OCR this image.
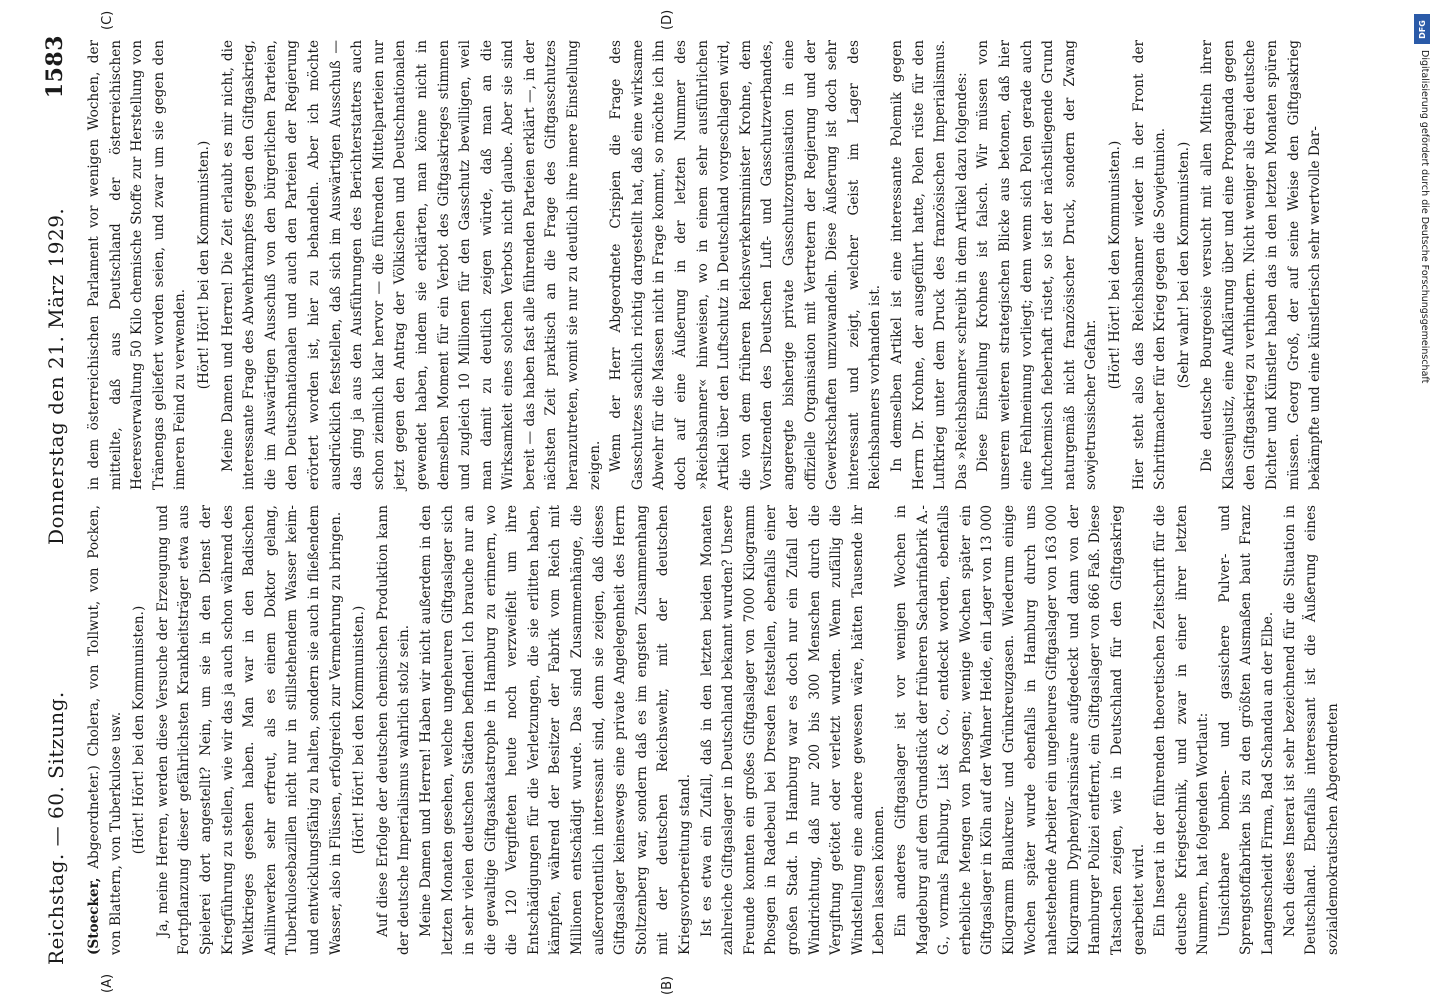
Reichstag. — 60. Sitzung.
Donnerstag den 21. März 1929.
1583
(A)	(B)
(C)	(D)

(Stoecker, Abgeordneter.) Cholera, von Tollwut, von Pocken, von Blattern, von Tuberkulose usw. (Hört! Hört! bei den Kommunisten.) Ja, meine Herren, werden diese Versuche der Erzeugung und Fortpflanzung dieser gefährlichsten Krankheitsträger etwa aus Spielerei dort angestellt? Nein, um sie in den Dienst der Kriegführung zu stellen, wie wir das ja auch schon während des Weltkrieges gesehen haben. Man war in den Badischen Anilinwerken sehr erfreut, als es einem Doktor gelang, Tuberkulosebazillen nicht nur in stillstehendem Wasser keim- und entwicklungsfähig zu halten, sondern sie auch in fließendem Wasser, also in Flüssen, erfolgreich zur Vermehrung zu bringen. (Hört! Hört! bei den Kommunisten.) Auf diese Erfolge der deutschen chemischen Produktion kann der deutsche Imperialismus wahrlich stolz sein. Meine Damen und Herren! Haben wir nicht außerdem in den letzten Monaten gesehen, welche ungeheuren Giftgaslager sich in sehr vielen deutschen Städten befinden! Ich brauche nur an die gewaltige Giftgaskatastrophe in Hamburg zu erinnern, wo die 120 Vergifteten heute noch verzweifelt um ihre Entschädigungen für die Verletzungen, die sie erlitten haben, kämpfen, während der Besitzer der Fabrik vom Reich mit Millionen entschädigt wurde. Das sind Zusammenhänge, die außerordentlich interessant sind, denn sie zeigen, daß dieses Giftgaslager keineswegs eine private Angelegenheit des Herrn Stoltzenberg war, sondern daß es im engsten Zusammenhang mit der deutschen Reichswehr, mit der deutschen Kriegsvorbereitung stand. Ist es etwa ein Zufall, daß in den letzten beiden Monaten zahlreiche Giftgaslager in Deutschland bekannt wurden? Unsere Freunde konnten ein großes Giftgaslager von 7000 Kilogramm Phosgen in Radebeul bei Dresden feststellen, ebenfalls einer großen Stadt. In Hamburg war es doch nur ein Zufall der Windrichtung, daß nur 200 bis 300 Menschen durch die Vergiftung getötet oder verletzt wurden. Wenn zufällig die Windstellung eine andere gewesen wäre, hätten Tausende ihr Leben lassen können. Ein anderes Giftgaslager ist vor wenigen Wochen in Magdeburg auf dem Grundstück der früheren Sacharinfabrik A.-G., vormals Fahlburg, List & Co., entdeckt worden, ebenfalls erhebliche Mengen von Phosgen; wenige Wochen später ein Giftgaslager in Köln auf der Wahner Heide, ein Lager von 13 000 Kilogramm Blaukreuz- und Grünkreuzgasen. Wiederum einige Wochen später wurde ebenfalls in Hamburg durch uns nahestehende Arbeiter ein ungeheures Giftgaslager von 163 000 Kilogramm Dyphenylarsinsäure aufgedeckt und dann von der Hamburger Polizei entfernt, ein Giftgaslager von 866 Faß. Diese Tatsachen zeigen, wie in Deutschland für den Giftgaskrieg gearbeitet wird. Ein Inserat in der führenden theoretischen Zeitschrift für die deutsche Kriegstechnik, und zwar in einer ihrer letzten Nummern, hat folgenden Wortlaut: Unsichtbare bomben- und gassichere Pulver- und Sprengstoffabriken bis zu den größten Ausmaßen baut Franz Langenscheidt Firma, Bad Schandau an der Elbe. Nach dieses Inserat ist sehr bezeichnend für die Situation in Deutschland. Ebenfalls interessant ist die Äußerung eines sozialdemokratischen Abgeordneten

in dem österreichischen Parlament vor wenigen Wochen, der mitteilte, daß aus Deutschland der österreichischen Heeresverwaltung 50 Kilo chemische Stoffe zur Herstellung von Tränengas geliefert worden seien, und zwar um sie gegen den inneren Feind zu verwenden.

(Hört! Hört! bei den Kommunisten.) Meine Damen und Herren! Die Zeit erlaubt es mir nicht, die interessante Frage des Abwehrkampfes gegen den Giftgaskrieg, die im Auswärtigen Ausschuß von den bürgerlichen Parteien, den Deutschnationalen und auch den Parteien der Regierung erörtert worden ist, hier zu behandeln. Aber ich möchte ausdrücklich feststellen, daß sich im Auswärtigen Ausschuß — das ging ja aus den Ausführungen des Berichterstatters auch schon ziemlich klar hervor — die führenden Mittelparteien nur jetzt gegen den Antrag der Völkischen und Deutschnationalen gewendet haben, indem sie erklärten, man könne nicht in demselben Moment für ein Verbot des Giftgaskrieges stimmen und zugleich 10 Millionen für den Gasschutz bewilligen, weil man damit zu deutlich zeigen würde, daß man an die Wirksamkeit eines solchen Verbots nicht glaube. Aber sie sind bereit — das haben fast alle führenden Parteien erklärt —, in der nächsten Zeit praktisch an die Frage des Giftgasschutzes heranzutreten, womit sie nur zu deutlich ihre innere Einstellung zeigen. Wenn der Herr Abgeordnete Crispien die Frage des Gasschutzes sachlich richtig dargestellt hat, daß eine wirksame Abwehr für die Massen nicht in Frage kommt, so möchte ich ihn doch auf eine Äußerung in der letzten Nummer des »Reichsbanner« hinweisen, wo in einem sehr ausführlichen Artikel über den Luftschutz in Deutschland vorgeschlagen wird, die von dem früheren Reichsverkehrsminister Krohne, dem Vorsitzenden des Deutschen Luft- und Gasschutzverbandes, angeregte bisherige private Gasschutzorganisation in eine offizielle Organisation mit Vertretern der Regierung und der Gewerkschaften umzuwandeln. Diese Äußerung ist doch sehr interessant und zeigt, welcher Geist im Lager des Reichsbanners vorhanden ist. In demselben Artikel ist eine interessante Polemik gegen Herrn Dr. Krohne, der ausgeführt hatte, Polen rüste für den Luftkrieg unter dem Druck des französischen Imperialismus. Das »Reichsbanner« schreibt in dem Artikel dazu folgendes: Diese Einstellung Krohnes ist falsch. Wir müssen von unserem weiteren strategischen Blicke aus betonen, daß hier eine Fehlmeinung vorliegt; denn wenn sich Polen gerade auch luftchemisch fieberhaft rüstet, so ist der nächstliegende Grund naturgemäß nicht französischer Druck, sondern der Zwang sowjetrussischer Gefahr.

(Hört! Hört! bei den Kommunisten.) Hier steht also das Reichsbanner wieder in der Front der Schrittmacher für den Krieg gegen die Sowjetunion. (Sehr wahr! bei den Kommunisten.) Die deutsche Bourgeoisie versucht mit allen Mitteln ihrer Klassenjustiz, eine Aufklärung über und eine Propaganda gegen den Giftgaskrieg zu verhindern. Nicht weniger als drei deutsche Dichter und Künstler haben das in den letzten Monaten spüren müssen. Georg Groß, der auf seine Weise den Giftgaskrieg bekämpfte und eine künstlerisch sehr wertvolle Dar-

DFG
Digitalisierung gefördert durch die Deutsche Forschungsgemeinschaft
